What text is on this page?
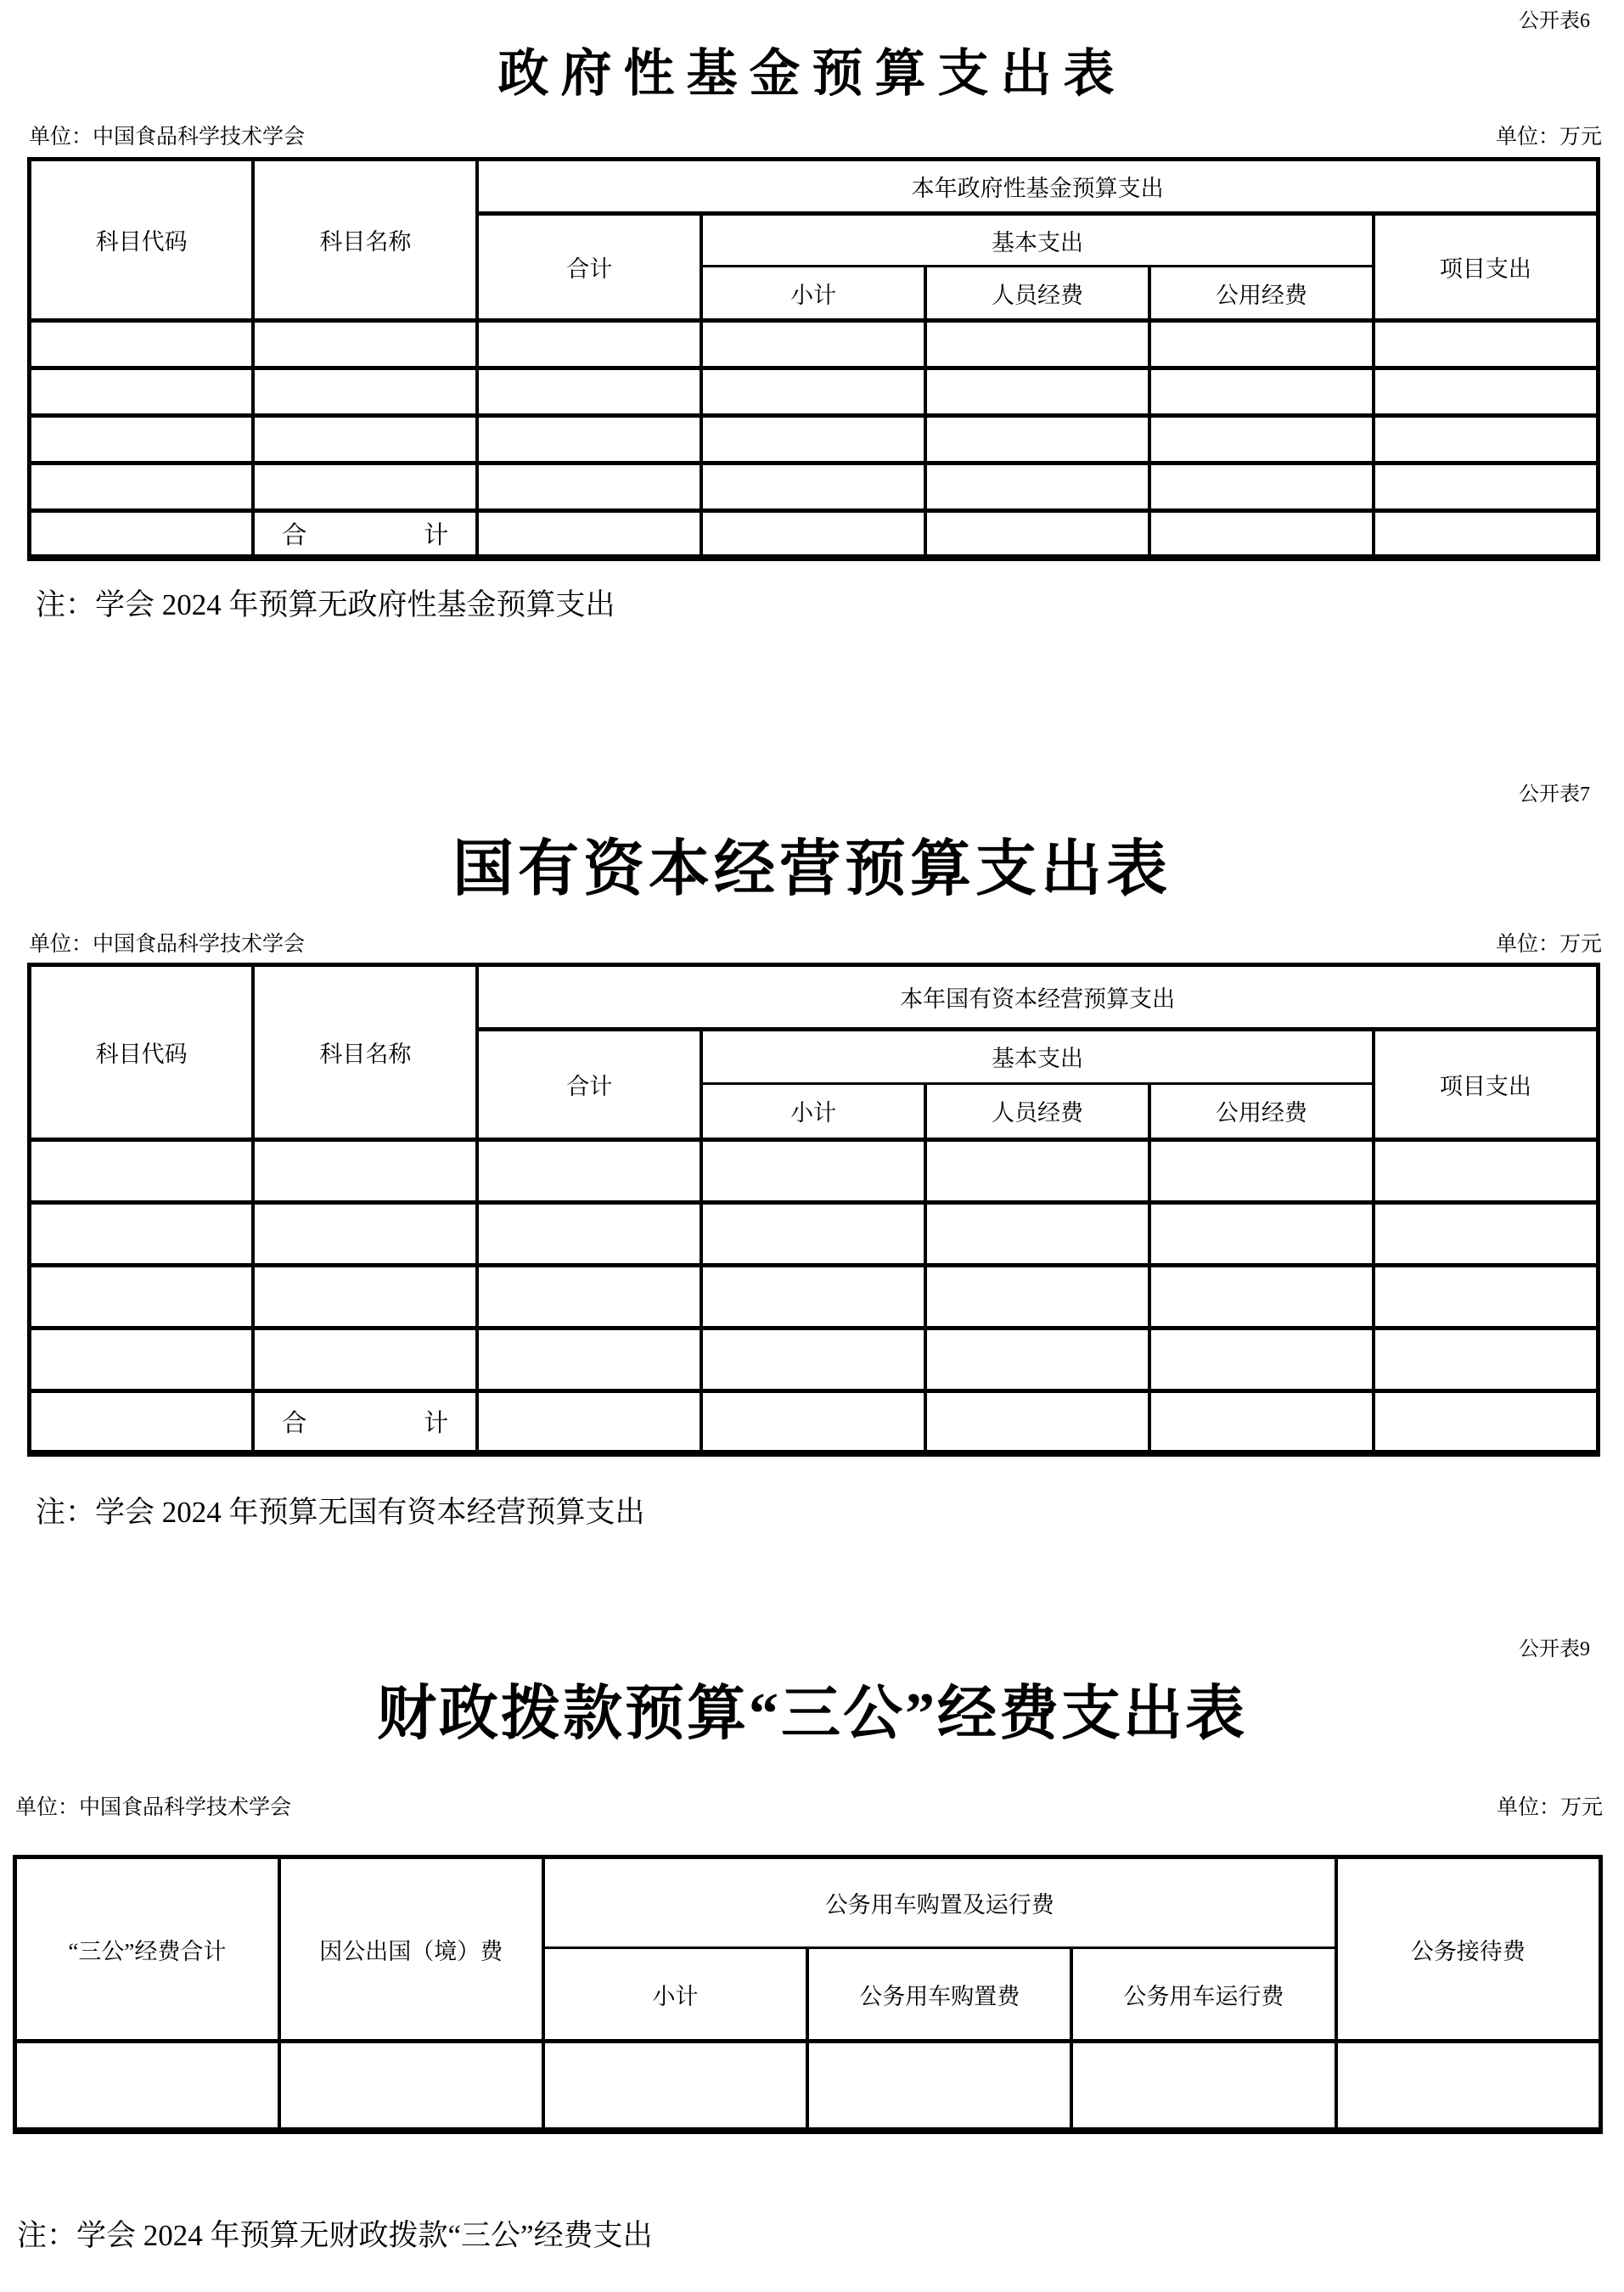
公开表6
政府性基金预算支出表
单位：中国食品科学技术学会	单位：万元
科目代码	科目名称	本年政府性基金预算支出				
		合计	基本支出			项目支出
			小计	人员经费	公用经费	

	合 计					

注：学会 2024 年预算无政府性基金预算支出
公开表7
国有资本经营预算支出表
单位：中国食品科学技术学会	单位：万元
科目代码	科目名称	本年国有资本经营预算支出				
		合计	基本支出			项目支出
			小计	人员经费	公用经费	

	合 计					

注：学会 2024 年预算无国有资本经营预算支出
公开表9
财政拨款预算“三公”经费支出表
单位：中国食品科学技术学会	单位：万元
“三公”经费合计	因公出国（境）费	公务用车购置及运行费			公务接待费
		小计	公务用车购置费	公务用车运行费	

注：学会 2024 年预算无财政拨款“三公”经费支出
